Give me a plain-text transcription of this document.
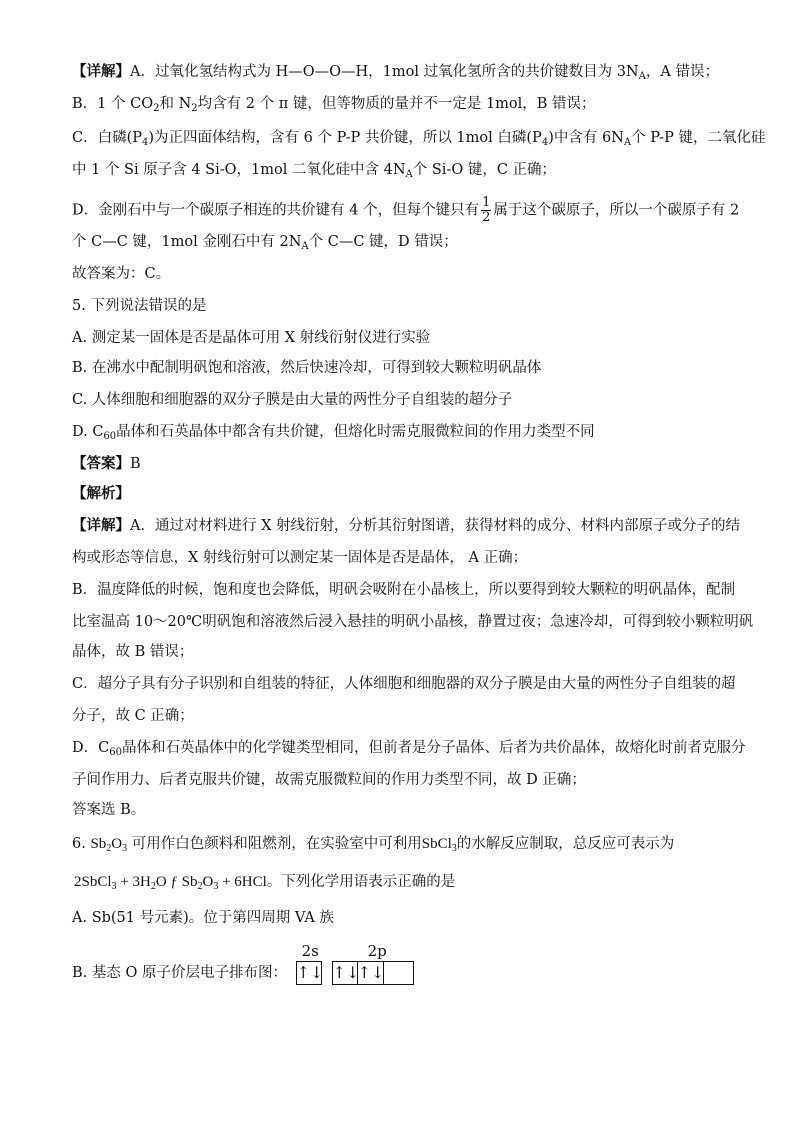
【详解】A．过氧化氢结构式为 H—O—O—H，1mol 过氧化氢所含的共价键数目为 $3N_A$，A 错误；
B．1 个 $CO_2$和 $N_2$均含有 2 个 π 键，但等物质的量并不一定是 1mol，B 错误；
C．白磷$(P_4)$为正四面体结构，含有 6 个 P-P 共价键，所以 1mol 白磷$(P_4)$中含有 $6N_A$个 P-P 键，二氧化硅
中 1 个 Si 原子含 4 Si-O，1mol 二氧化硅中含 $4N_A$个 Si-O 键，C 正确；
D．金刚石中与一个碳原子相连的共价键有 4 个，但每个键只有 $\frac{1}{2}$ 属于这个碳原子，所以一个碳原子有 2
个 C—C 键，1mol 金刚石中有 $2N_A$个 C—C 键，D 错误；
故答案为：C。
5. 下列说法错误的是
A. 测定某一固体是否是晶体可用 X 射线衍射仪进行实验
B. 在沸水中配制明矾饱和溶液，然后快速冷却，可得到较大颗粒明矾晶体
C. 人体细胞和细胞器的双分子膜是由大量的两性分子自组装的超分子
D. $C_{60}$晶体和石英晶体中都含有共价键，但熔化时需克服微粒间的作用力类型不同
【答案】B
【解析】
【详解】A．通过对材料进行 X 射线衍射，分析其衍射图谱，获得材料的成分、材料内部原子或分子的结
构或形态等信息，X 射线衍射可以测定某一固体是否是晶体， A 正确；
B．温度降低的时候，饱和度也会降低，明矾会吸附在小晶核上，所以要得到较大颗粒的明矾晶体，配制
比室温高 10～20℃明矾饱和溶液然后浸入悬挂的明矾小晶核，静置过夜；急速冷却，可得到较小颗粒明矾
晶体，故 B 错误；
C．超分子具有分子识别和自组装的特征，人体细胞和细胞器的双分子膜是由大量的两性分子自组装的超
分子，故 C 正确；
D．$C_{60}$晶体和石英晶体中的化学键类型相同，但前者是分子晶体、后者为共价晶体，故熔化时前者克服分
子间作用力、后者克服共价键，故需克服微粒间的作用力类型不同，故 D 正确；
答案选 B。
6. $Sb_2O_3$ 可用作白色颜料和阻燃剂，在实验室中可利用SbCl$_3$的水解反应制取，总反应可表示为
2SbCl$_3$ + $3H_2O$ ƒ $Sb_2O_3 + 6HCl$。下列化学用语表示正确的是
A. Sb(51 号元素)。位于第四周期 VA 族
B. 基态 O 原子价层电子排布图：
2s	2p
↑↓ ↑↓↑↓
